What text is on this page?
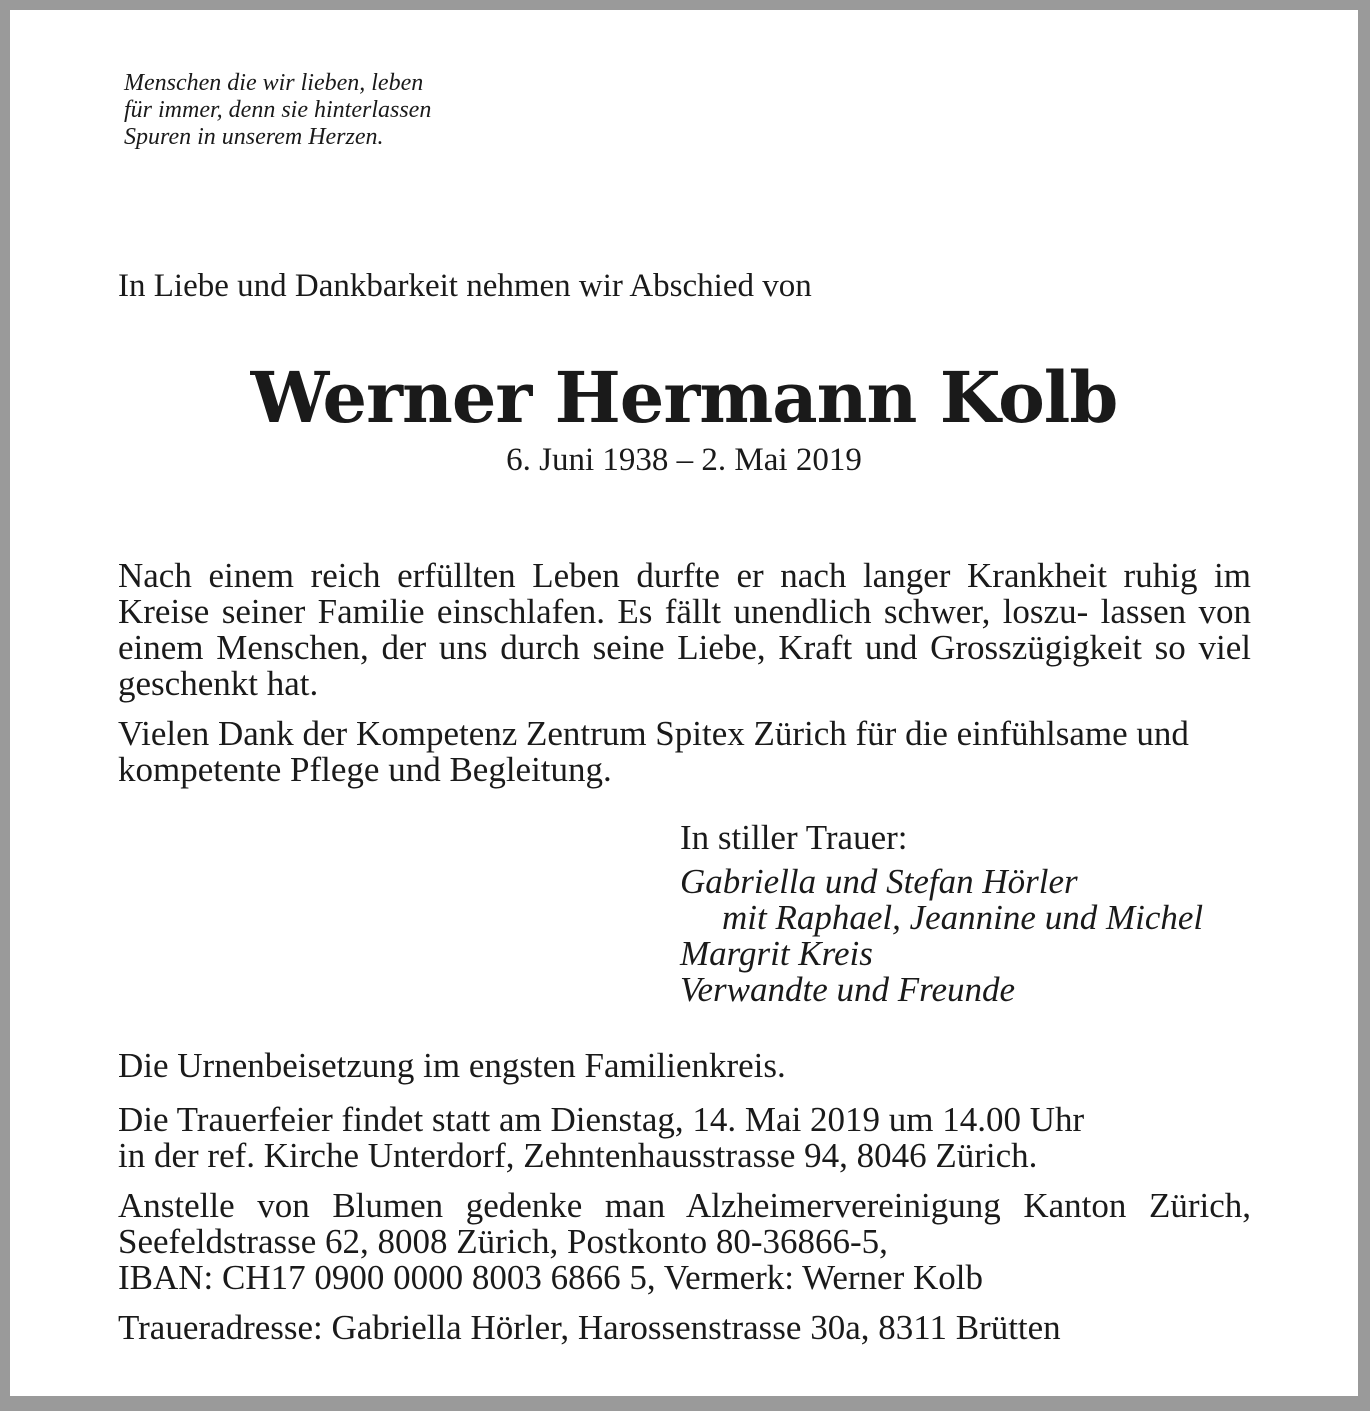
Menschen die wir lieben, leben
für immer, denn sie hinterlassen
Spuren in unserem Herzen.
In Liebe und Dankbarkeit nehmen wir Abschied von
Werner Hermann Kolb
6. Juni 1938 – 2. Mai 2019
Nach einem reich erfüllten Leben durfte er nach langer Krankheit ruhig im Kreise seiner Familie einschlafen. Es fällt unendlich schwer, loszu- lassen von einem Menschen, der uns durch seine Liebe, Kraft und Grosszügigkeit so viel geschenkt hat.
Vielen Dank der Kompetenz Zentrum Spitex Zürich für die einfühlsame und kompetente Pflege und Begleitung.
In stiller Trauer:
Gabriella und Stefan Hörler
mit Raphael, Jeannine und Michel
Margrit Kreis
Verwandte und Freunde
Die Urnenbeisetzung im engsten Familienkreis.
Die Trauerfeier findet statt am Dienstag, 14. Mai 2019 um 14.00 Uhr
in der ref. Kirche Unterdorf, Zehntenhausstrasse 94, 8046 Zürich.
Anstelle von Blumen gedenke man Alzheimervereinigung Kanton Zürich, Seefeldstrasse 62, 8008 Zürich, Postkonto 80-36866-5,
IBAN: CH17 0900 0000 8003 6866 5, Vermerk: Werner Kolb
Traueradresse: Gabriella Hörler, Harossenstrasse 30a, 8311 Brütten
